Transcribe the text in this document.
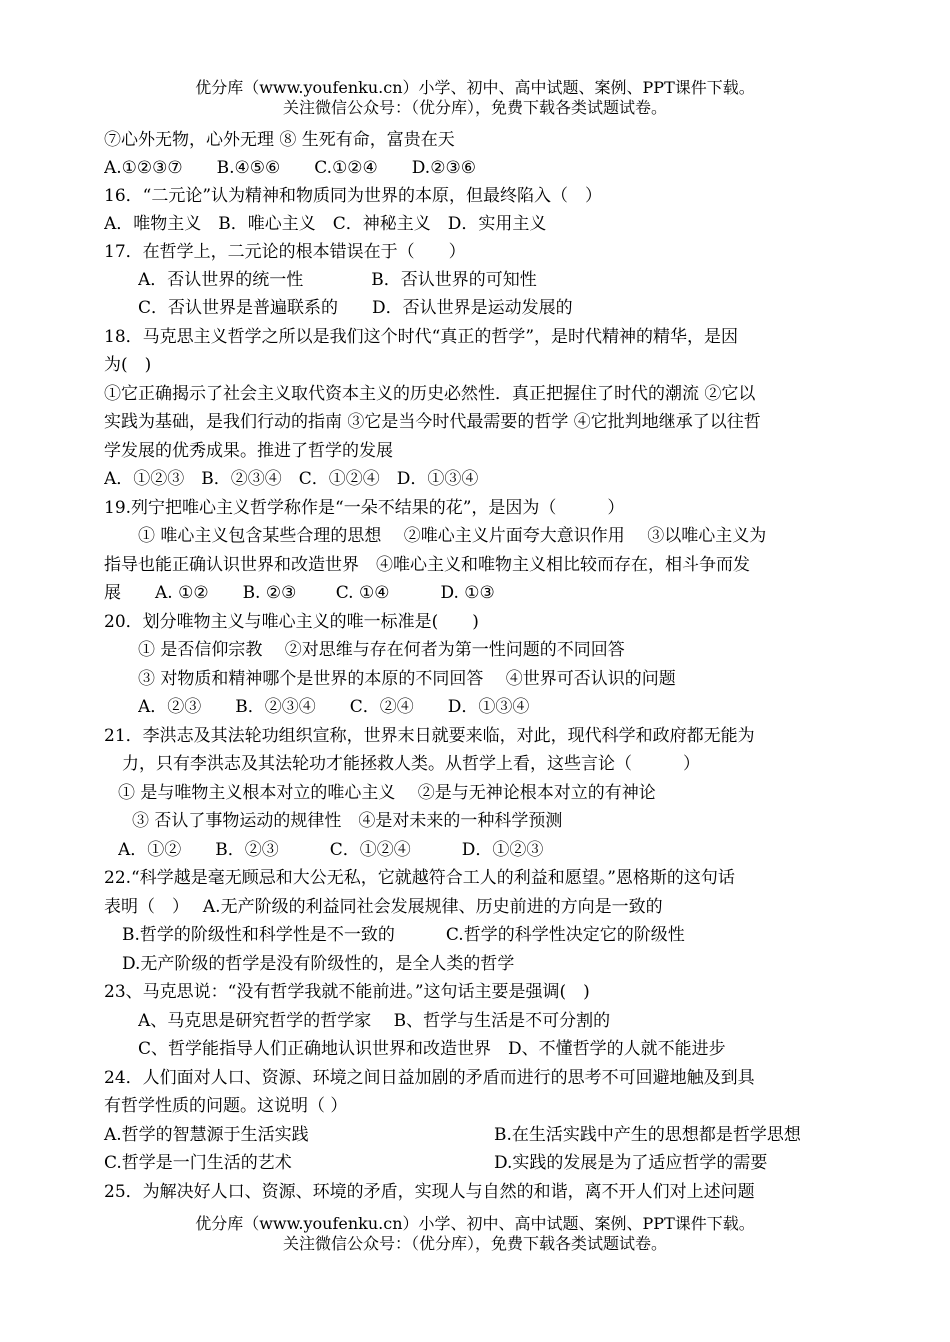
优分库（www.youfenku.cn）小学、初中、高中试题、案例、PPT课件下载。
关注微信公众号：（优分库），免费下载各类试题试卷。
⑦心外无物，心外无理 ⑧ 生死有命，富贵在天
A.①②③⑦　　B.④⑤⑥　　C.①②④　　D.②③⑥
16．“二元论”认为精神和物质同为世界的本原，但最终陷入（　）
A．唯物主义　B．唯心主义　C．神秘主义　D．实用主义
17．在哲学上，二元论的根本错误在于（　　）
A．否认世界的统一性　　　　B．否认世界的可知性
C．否认世界是普遍联系的　　D．否认世界是运动发展的
18．马克思主义哲学之所以是我们这个时代“真正的哲学”，是时代精神的精华，是因
为(　)
①它正确揭示了社会主义取代资本主义的历史必然性．真正把握住了时代的潮流 ②它以
实践为基础，是我们行动的指南 ③它是当今时代最需要的哲学 ④它批判地继承了以往哲
学发展的优秀成果。推进了哲学的发展
A．①②③　B．②③④　C．①②④　D．①③④
19.列宁把唯心主义哲学称作是“一朵不结果的花”，是因为（　　　）
① 唯心主义包含某些合理的思想　 ②唯心主义片面夸大意识作用　 ③以唯心主义为
指导也能正确认识世界和改造世界　④唯心主义和唯物主义相比较而存在，相斗争而发
展　　A. ①②　　B. ②③　　 C. ①④　　　D. ①③
20．划分唯物主义与唯心主义的唯一标准是(　　)
① 是否信仰宗教　 ②对思维与存在何者为第一性问题的不同回答
③ 对物质和精神哪个是世界的本原的不同回答　 ④世界可否认识的问题
A．②③　　B．②③④　　C．②④　　D．①③④
21．李洪志及其法轮功组织宣称，世界末日就要来临，对此，现代科学和政府都无能为
力，只有李洪志及其法轮功才能拯救人类。从哲学上看，这些言论（　　　）
① 是与唯物主义根本对立的唯心主义　 ②是与无神论根本对立的有神论
③ 否认了事物运动的规律性　④是对未来的一种科学预测
A．①②　　B．②③　　　C．①②④　　　D．①②③
22.“科学越是毫无顾忌和大公无私，它就越符合工人的利益和愿望。”恩格斯的这句话
表明（　）　 A.无产阶级的利益同社会发展规律、历史前进的方向是一致的
B.哲学的阶级性和科学性是不一致的　　　C.哲学的科学性决定它的阶级性
D.无产阶级的哲学是没有阶级性的，是全人类的哲学
23、马克思说：“没有哲学我就不能前进。”这句话主要是强调(　)
A、马克思是研究哲学的哲学家　 B、哲学与生活是不可分割的
C、哲学能指导人们正确地认识世界和改造世界　D、不懂哲学的人就不能进步
24．人们面对人口、资源、环境之间日益加剧的矛盾而进行的思考不可回避地触及到具
有哲学性质的问题。这说明（ ）
A.哲学的智慧源于生活实践	B.在生活实践中产生的思想都是哲学思想
C.哲学是一门生活的艺术	D.实践的发展是为了适应哲学的需要
25．为解决好人口、资源、环境的矛盾，实现人与自然的和谐，离不开人们对上述问题
优分库（www.youfenku.cn）小学、初中、高中试题、案例、PPT课件下载。
关注微信公众号：（优分库），免费下载各类试题试卷。
